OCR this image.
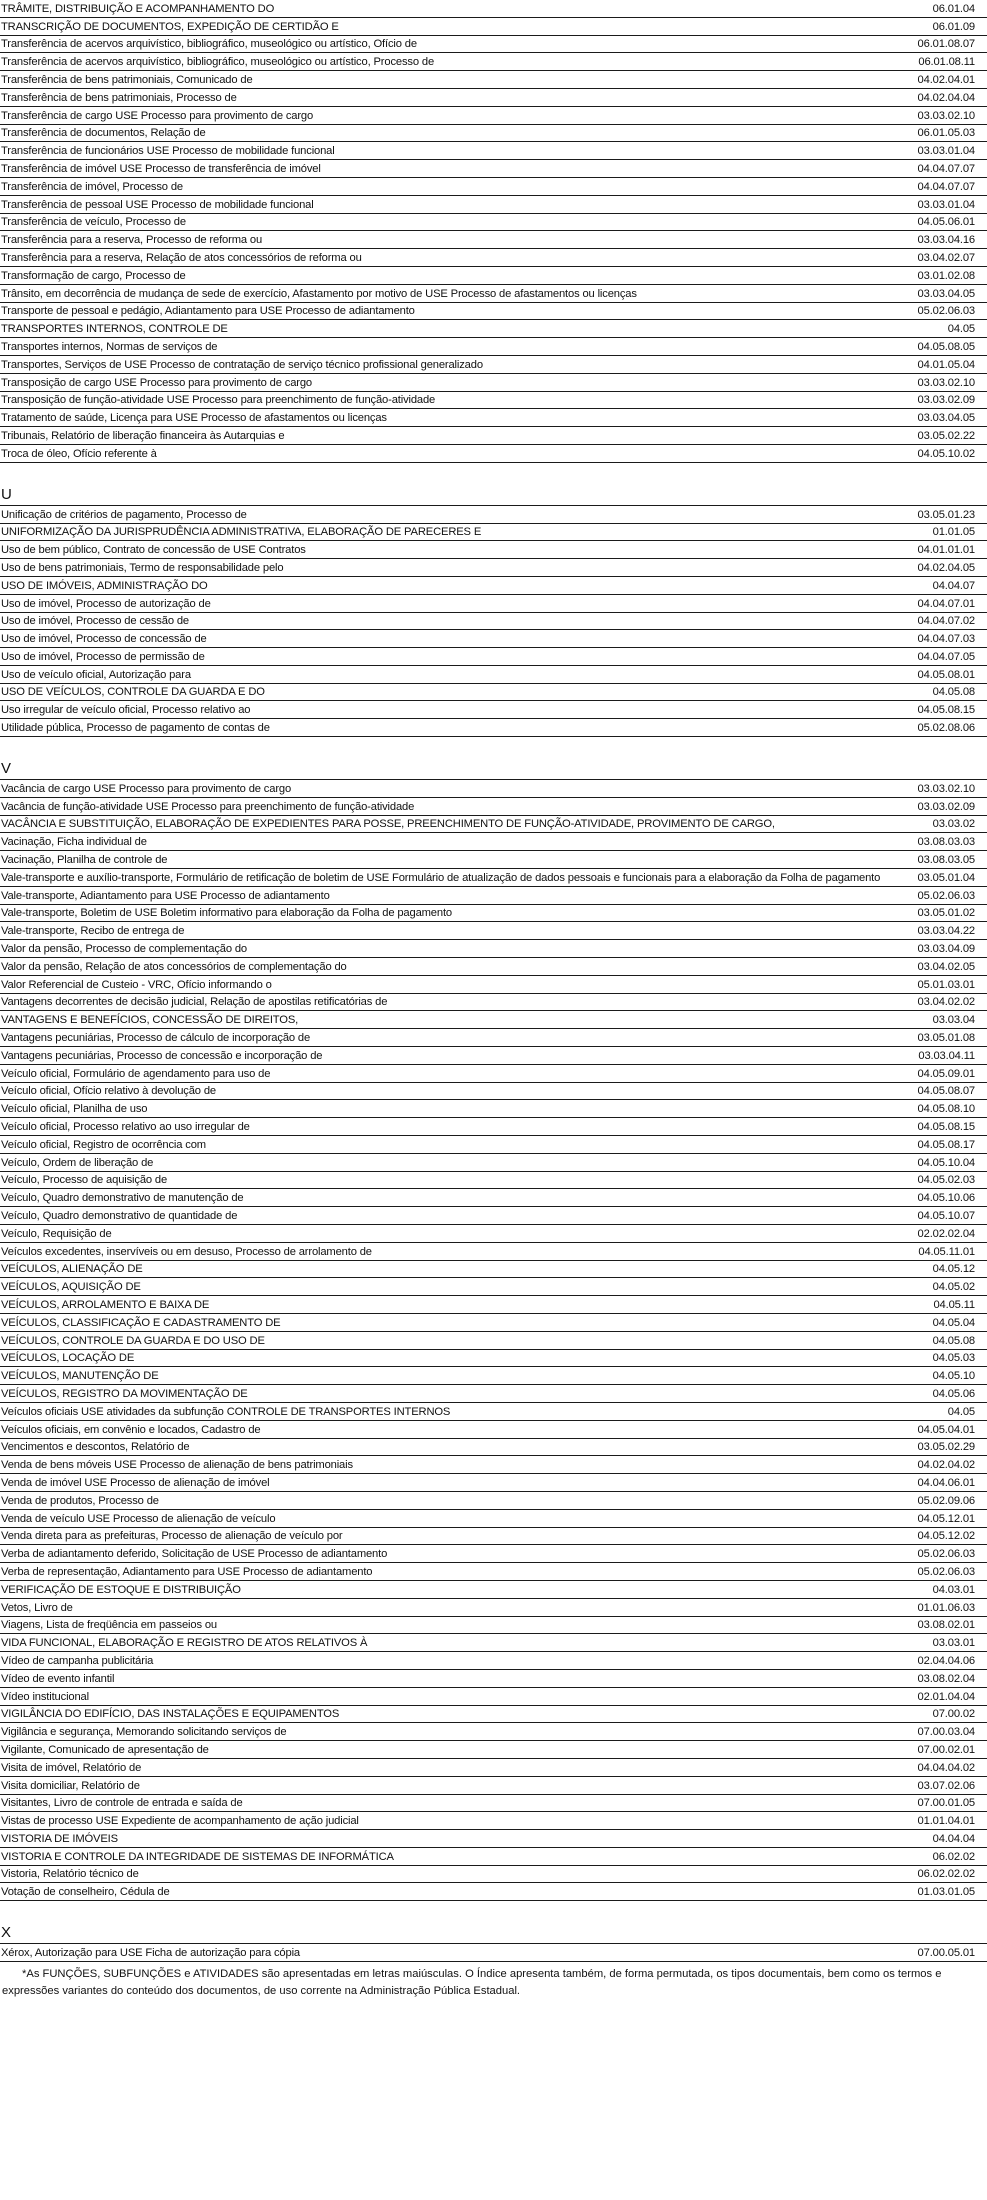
TRÂMITE, DISTRIBUIÇÃO E ACOMPANHAMENTO DO	06.01.04
TRANSCRIÇÃO DE DOCUMENTOS, EXPEDIÇÃO DE CERTIDÃO E	06.01.09
Transferência de acervos arquivístico, bibliográfico, museológico ou artístico, Ofício de	06.01.08.07
Transferência de acervos arquivístico, bibliográfico, museológico ou artístico, Processo de	06.01.08.11
Transferência de bens patrimoniais, Comunicado de	04.02.04.01
Transferência de bens patrimoniais, Processo de	04.02.04.04
Transferência de cargo USE Processo para provimento de cargo	03.03.02.10
Transferência de documentos, Relação de	06.01.05.03
Transferência de funcionários USE Processo de mobilidade funcional	03.03.01.04
Transferência de imóvel USE Processo de transferência de imóvel	04.04.07.07
Transferência de imóvel, Processo de	04.04.07.07
Transferência de pessoal USE Processo de mobilidade funcional	03.03.01.04
Transferência de veículo, Processo de	04.05.06.01
Transferência para a reserva, Processo de reforma ou	03.03.04.16
Transferência para a reserva, Relação de atos concessórios de reforma ou	03.04.02.07
Transformação de cargo, Processo de	03.01.02.08
Trânsito, em decorrência de mudança de sede de exercício, Afastamento por motivo de USE Processo de afastamentos ou licenças	03.03.04.05
Transporte de pessoal e pedágio, Adiantamento para USE Processo de adiantamento	05.02.06.03
TRANSPORTES INTERNOS, CONTROLE DE	04.05
Transportes internos, Normas de serviços de	04.05.08.05
Transportes, Serviços de USE Processo de contratação de serviço técnico profissional generalizado	04.01.05.04
Transposição de cargo USE Processo para provimento de cargo	03.03.02.10
Transposição de função-atividade USE Processo para preenchimento de função-atividade	03.03.02.09
Tratamento de saúde, Licença para USE Processo de afastamentos ou licenças	03.03.04.05
Tribunais, Relatório de liberação financeira às Autarquias e	03.05.02.22
Troca de óleo, Ofício referente à	04.05.10.02
U
Unificação de critérios de pagamento, Processo de	03.05.01.23
UNIFORMIZAÇÃO DA JURISPRUDÊNCIA ADMINISTRATIVA, ELABORAÇÃO DE PARECERES E	01.01.05
Uso de bem público, Contrato de concessão de USE Contratos	04.01.01.01
Uso de bens patrimoniais, Termo de responsabilidade pelo	04.02.04.05
USO DE IMÓVEIS, ADMINISTRAÇÃO DO	04.04.07
Uso de imóvel, Processo de autorização de	04.04.07.01
Uso de imóvel, Processo de cessão de	04.04.07.02
Uso de imóvel, Processo de concessão de	04.04.07.03
Uso de imóvel, Processo de permissão de	04.04.07.05
Uso de veículo oficial, Autorização para	04.05.08.01
USO DE VEÍCULOS, CONTROLE DA GUARDA E DO	04.05.08
Uso irregular de veículo oficial, Processo relativo ao	04.05.08.15
Utilidade pública, Processo de pagamento de contas de	05.02.08.06
V
Vacância de cargo USE Processo para provimento de cargo	03.03.02.10
Vacância de função-atividade USE Processo para preenchimento de função-atividade	03.03.02.09
VACÂNCIA E SUBSTITUIÇÃO, ELABORAÇÃO DE EXPEDIENTES PARA POSSE, PREENCHIMENTO DE FUNÇÃO-ATIVIDADE, PROVIMENTO DE CARGO,	03.03.02
Vacinação, Ficha individual de	03.08.03.03
Vacinação, Planilha de controle de	03.08.03.05
Vale-transporte e auxílio-transporte, Formulário de retificação de boletim de USE Formulário de atualização de dados pessoais e funcionais para a elaboração da Folha de pagamento	03.05.01.04
Vale-transporte, Adiantamento para USE Processo de adiantamento	05.02.06.03
Vale-transporte, Boletim de USE Boletim informativo para elaboração da Folha de pagamento	03.05.01.02
Vale-transporte, Recibo de entrega de	03.03.04.22
Valor da pensão, Processo de complementação do	03.03.04.09
Valor da pensão, Relação de atos concessórios de complementação do	03.04.02.05
Valor Referencial de Custeio - VRC, Ofício informando o	05.01.03.01
Vantagens decorrentes de decisão judicial, Relação de apostilas retificatórias de	03.04.02.02
VANTAGENS E BENEFÍCIOS, CONCESSÃO DE DIREITOS,	03.03.04
Vantagens pecuniárias, Processo de cálculo de incorporação de	03.05.01.08
Vantagens pecuniárias, Processo de concessão e incorporação de	03.03.04.11
Veículo oficial, Formulário de agendamento para uso de	04.05.09.01
Veículo oficial, Ofício relativo à devolução de	04.05.08.07
Veículo oficial, Planilha de uso	04.05.08.10
Veículo oficial, Processo relativo ao uso irregular de	04.05.08.15
Veículo oficial, Registro de ocorrência com	04.05.08.17
Veículo, Ordem de liberação de	04.05.10.04
Veículo, Processo de aquisição de	04.05.02.03
Veículo, Quadro demonstrativo de manutenção de	04.05.10.06
Veículo, Quadro demonstrativo de quantidade de	04.05.10.07
Veículo, Requisição de	02.02.02.04
Veículos excedentes, inservíveis ou em desuso, Processo de arrolamento de	04.05.11.01
VEÍCULOS, ALIENAÇÃO DE	04.05.12
VEÍCULOS, AQUISIÇÃO DE	04.05.02
VEÍCULOS, ARROLAMENTO E BAIXA DE	04.05.11
VEÍCULOS, CLASSIFICAÇÃO E CADASTRAMENTO DE	04.05.04
VEÍCULOS, CONTROLE DA GUARDA E DO USO DE	04.05.08
VEÍCULOS, LOCAÇÃO DE	04.05.03
VEÍCULOS, MANUTENÇÃO DE	04.05.10
VEÍCULOS, REGISTRO DA MOVIMENTAÇÃO DE	04.05.06
Veículos oficiais USE atividades da subfunção CONTROLE DE TRANSPORTES INTERNOS	04.05
Veículos oficiais, em convênio e locados, Cadastro de	04.05.04.01
Vencimentos e descontos, Relatório de	03.05.02.29
Venda de bens móveis USE Processo de alienação de bens patrimoniais	04.02.04.02
Venda de imóvel USE Processo de alienação de imóvel	04.04.06.01
Venda de produtos, Processo de	05.02.09.06
Venda de veículo USE Processo de alienação de veículo	04.05.12.01
Venda direta para as prefeituras, Processo de alienação de veículo por	04.05.12.02
Verba de adiantamento deferido, Solicitação de USE Processo de adiantamento	05.02.06.03
Verba de representação, Adiantamento para USE Processo de adiantamento	05.02.06.03
VERIFICAÇÃO DE ESTOQUE E DISTRIBUIÇÃO	04.03.01
Vetos, Livro de	01.01.06.03
Viagens, Lista de freqüência em passeios ou	03.08.02.01
VIDA FUNCIONAL, ELABORAÇÃO E REGISTRO DE ATOS RELATIVOS À	03.03.01
Vídeo de campanha publicitária	02.04.04.06
Vídeo de evento infantil	03.08.02.04
Vídeo institucional	02.01.04.04
VIGILÂNCIA DO EDIFÍCIO, DAS INSTALAÇÕES E EQUIPAMENTOS	07.00.02
Vigilância e segurança, Memorando solicitando serviços de	07.00.03.04
Vigilante, Comunicado de apresentação de	07.00.02.01
Visita de imóvel, Relatório de	04.04.04.02
Visita domiciliar, Relatório de	03.07.02.06
Visitantes, Livro de controle de entrada e saída de	07.00.01.05
Vistas de processo USE Expediente de acompanhamento de ação judicial	01.01.04.01
VISTORIA DE IMÓVEIS	04.04.04
VISTORIA E CONTROLE DA INTEGRIDADE DE SISTEMAS DE INFORMÁTICA	06.02.02
Vistoria, Relatório técnico de	06.02.02.02
Votação de conselheiro, Cédula de	01.03.01.05
X
Xérox, Autorização para USE Ficha de autorização para cópia	07.00.05.01
*As FUNÇÕES, SUBFUNÇÕES e ATIVIDADES são apresentadas em letras maiúsculas. O Índice apresenta também, de forma permutada, os tipos documentais, bem como os termos e expressões variantes do conteúdo dos documentos, de uso corrente na Administração Pública Estadual.
